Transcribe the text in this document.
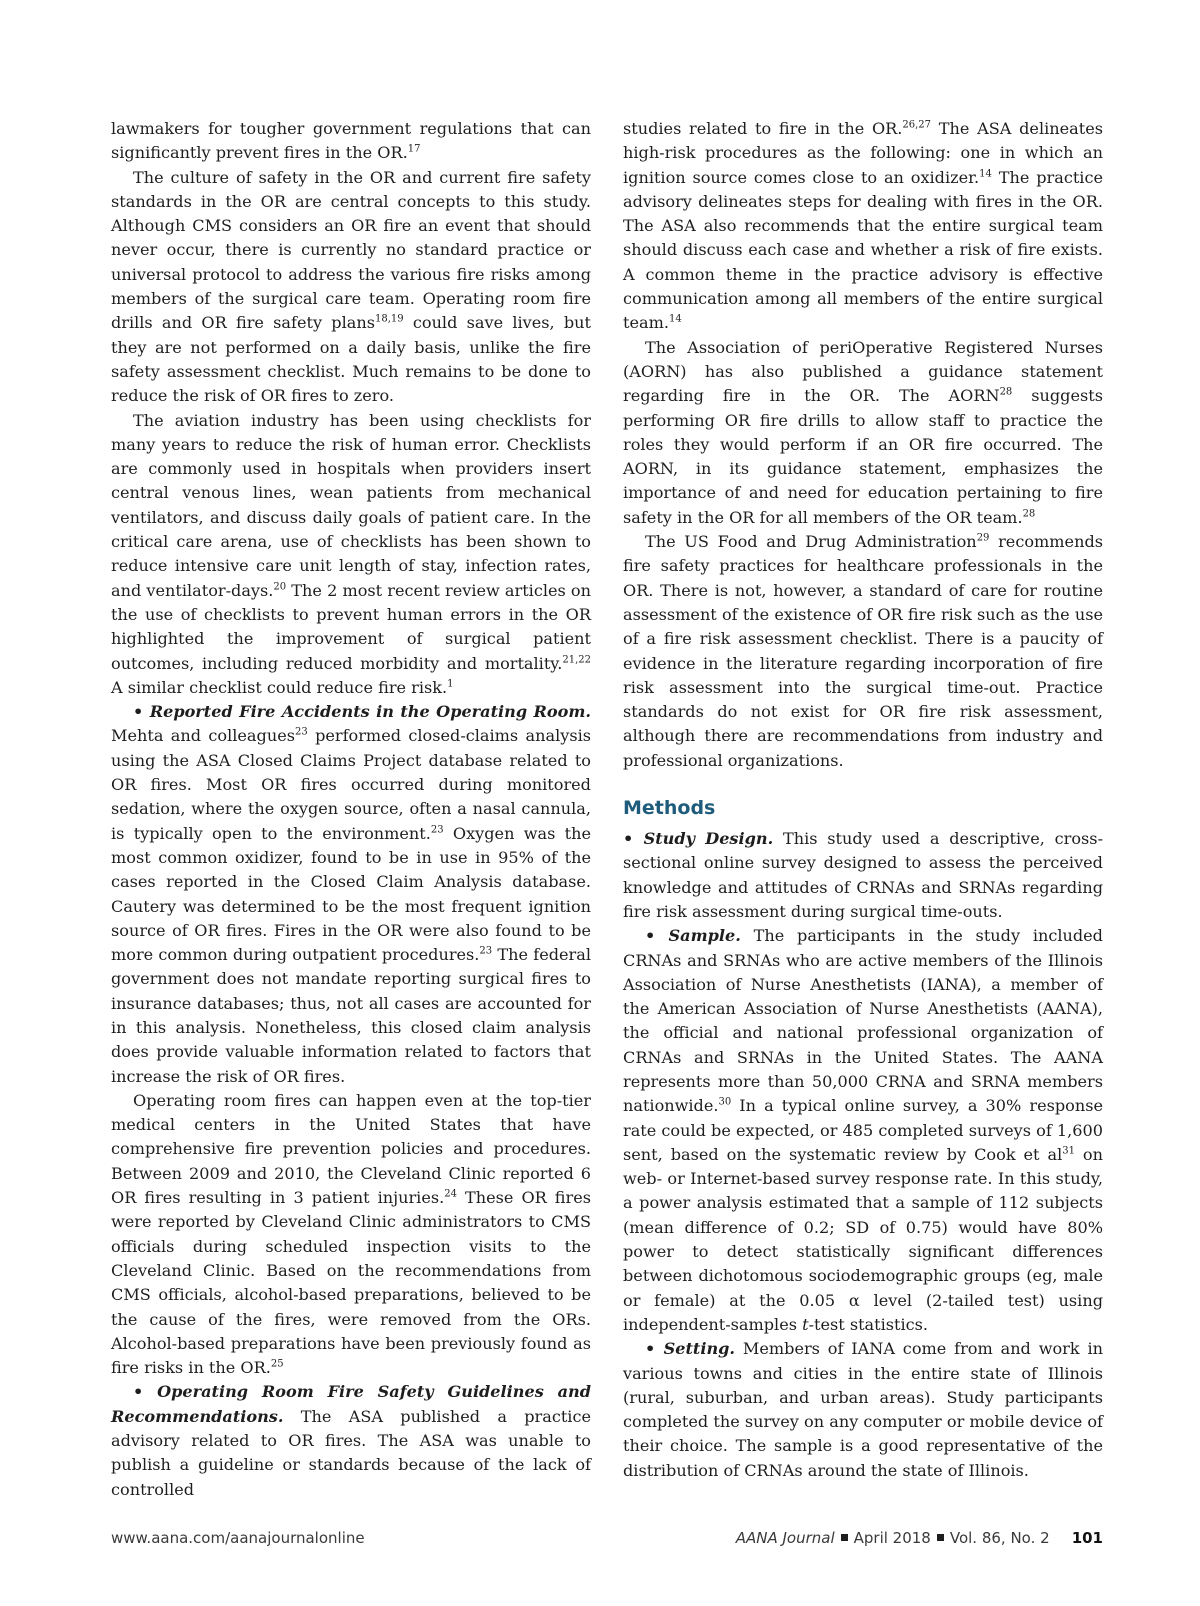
lawmakers for tougher government regulations that can significantly prevent fires in the OR.$^{17}$

The culture of safety in the OR and current fire safety standards in the OR are central concepts to this study. Although CMS considers an OR fire an event that should never occur, there is currently no standard practice or universal protocol to address the various fire risks among members of the surgical care team. Operating room fire drills and OR fire safety plans$^{18,19}$ could save lives, but they are not performed on a daily basis, unlike the fire safety assessment checklist. Much remains to be done to reduce the risk of OR fires to zero.

The aviation industry has been using checklists for many years to reduce the risk of human error. Checklists are commonly used in hospitals when providers insert central venous lines, wean patients from mechanical ventilators, and discuss daily goals of patient care. In the critical care arena, use of checklists has been shown to reduce intensive care unit length of stay, infection rates, and ventilator-days.$^{20}$ The 2 most recent review articles on the use of checklists to prevent human errors in the OR highlighted the improvement of surgical patient outcomes, including reduced morbidity and mortality.$^{21,22}$ A similar checklist could reduce fire risk.$^1$

• Reported Fire Accidents in the Operating Room. Mehta and colleagues$^{23}$ performed closed-claims analysis using the ASA Closed Claims Project database related to OR fires. Most OR fires occurred during monitored sedation, where the oxygen source, often a nasal cannula, is typically open to the environment.$^{23}$ Oxygen was the most common oxidizer, found to be in use in 95% of the cases reported in the Closed Claim Analysis database. Cautery was determined to be the most frequent ignition source of OR fires. Fires in the OR were also found to be more common during outpatient procedures.$^{23}$ The federal government does not mandate reporting surgical fires to insurance databases; thus, not all cases are accounted for in this analysis. Nonetheless, this closed claim analysis does provide valuable information related to factors that increase the risk of OR fires.

Operating room fires can happen even at the top-tier medical centers in the United States that have comprehensive fire prevention policies and procedures. Between 2009 and 2010, the Cleveland Clinic reported 6 OR fires resulting in 3 patient injuries.$^{24}$ These OR fires were reported by Cleveland Clinic administrators to CMS officials during scheduled inspection visits to the Cleveland Clinic. Based on the recommendations from CMS officials, alcohol-based preparations, believed to be the cause of the fires, were removed from the ORs. Alcohol-based preparations have been previously found as fire risks in the OR.$^{25}$

• Operating Room Fire Safety Guidelines and Recommendations. The ASA published a practice advisory related to OR fires. The ASA was unable to publish a guideline or standards because of the lack of controlled

studies related to fire in the OR.$^{26,27}$ The ASA delineates high-risk procedures as the following: one in which an ignition source comes close to an oxidizer.$^{14}$ The practice advisory delineates steps for dealing with fires in the OR. The ASA also recommends that the entire surgical team should discuss each case and whether a risk of fire exists. A common theme in the practice advisory is effective communication among all members of the entire surgical team.$^{14}$

The Association of periOperative Registered Nurses (AORN) has also published a guidance statement regarding fire in the OR. The AORN$^{28}$ suggests performing OR fire drills to allow staff to practice the roles they would perform if an OR fire occurred. The AORN, in its guidance statement, emphasizes the importance of and need for education pertaining to fire safety in the OR for all members of the OR team.$^{28}$

The US Food and Drug Administration$^{29}$ recommends fire safety practices for healthcare professionals in the OR. There is not, however, a standard of care for routine assessment of the existence of OR fire risk such as the use of a fire risk assessment checklist. There is a paucity of evidence in the literature regarding incorporation of fire risk assessment into the surgical time-out. Practice standards do not exist for OR fire risk assessment, although there are recommendations from industry and professional organizations.

Methods

• Study Design. This study used a descriptive, cross-sectional online survey designed to assess the perceived knowledge and attitudes of CRNAs and SRNAs regarding fire risk assessment during surgical time-outs.

• Sample. The participants in the study included CRNAs and SRNAs who are active members of the Illinois Association of Nurse Anesthetists (IANA), a member of the American Association of Nurse Anesthetists (AANA), the official and national professional organization of CRNAs and SRNAs in the United States. The AANA represents more than 50,000 CRNA and SRNA members nationwide.$^{30}$ In a typical online survey, a 30% response rate could be expected, or 485 completed surveys of 1,600 sent, based on the systematic review by Cook et $al^{31}$ on web- or Internet-based survey response rate. In this study, a power analysis estimated that a sample of 112 subjects (mean difference of 0.2; SD of 0.75) would have 80% power to detect statistically significant differences between dichotomous sociodemographic groups (eg, male or female) at the 0.05 α level (2-tailed test) using independent-samples t-test statistics.

• Setting. Members of IANA come from and work in various towns and cities in the entire state of Illinois (rural, suburban, and urban areas). Study participants completed the survey on any computer or mobile device of their choice. The sample is a good representative of the distribution of CRNAs around the state of Illinois.

www.aana.com/aanajournalonline	AANA Journal April 2018 Vol. 86, No. 2 101
